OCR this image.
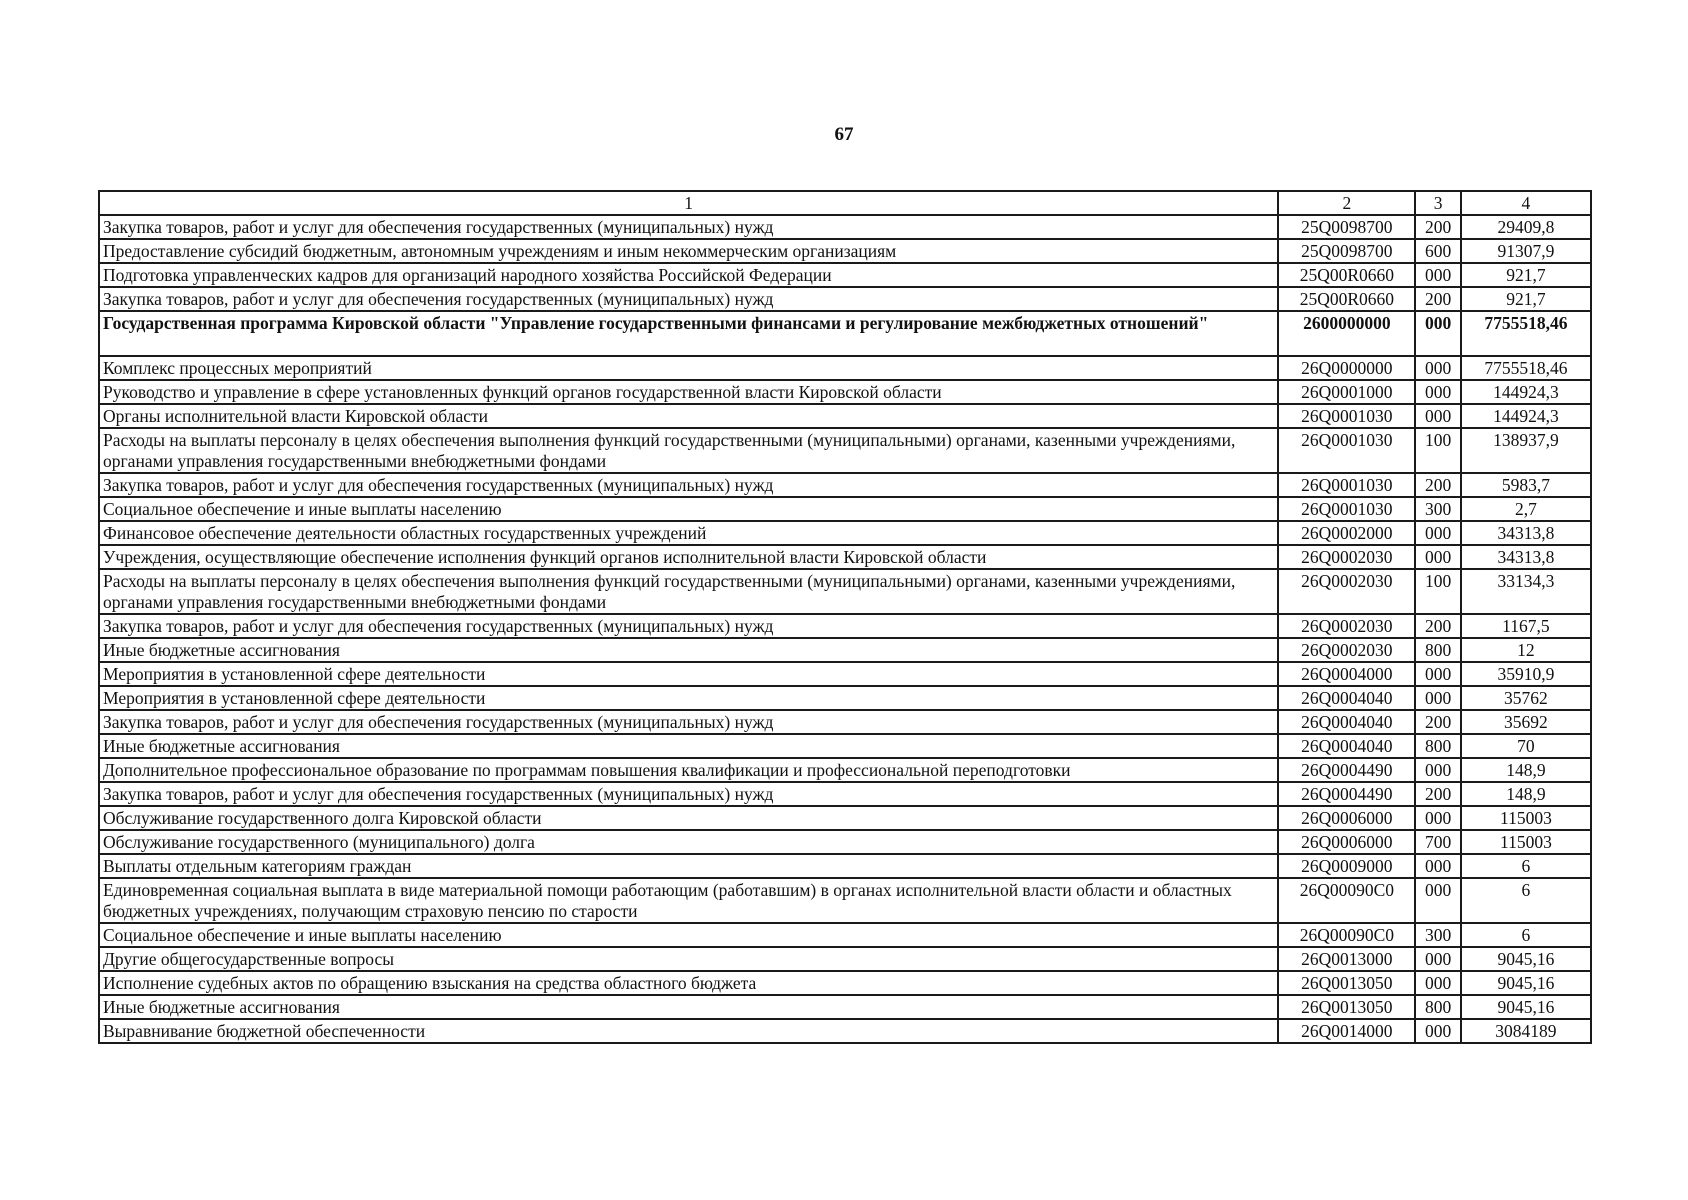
67
1	2	3	4
Закупка товаров, работ и услуг для обеспечения государственных (муниципальных) нужд	25Q0098700	200	29409,8
Предоставление субсидий бюджетным, автономным учреждениям и иным некоммерческим организациям	25Q0098700	600	91307,9
Подготовка управленческих кадров для организаций народного хозяйства Российской Федерации	25Q00R0660	000	921,7
Закупка товаров, работ и услуг для обеспечения государственных (муниципальных) нужд	25Q00R0660	200	921,7
Государственная программа Кировской области "Управление государственными финансами и регулирование межбюджетных отношений"	2600000000	000	7755518,46
Комплекс процессных мероприятий	26Q0000000	000	7755518,46
Руководство и управление в сфере установленных функций органов государственной власти Кировской области	26Q0001000	000	144924,3
Органы исполнительной власти Кировской области	26Q0001030	000	144924,3
Расходы на выплаты персоналу в целях обеспечения выполнения функций государственными (муниципальными) органами, казенными учреждениями, органами управления государственными внебюджетными фондами	26Q0001030	100	138937,9
Закупка товаров, работ и услуг для обеспечения государственных (муниципальных) нужд	26Q0001030	200	5983,7
Социальное обеспечение и иные выплаты населению	26Q0001030	300	2,7
Финансовое обеспечение деятельности областных государственных учреждений	26Q0002000	000	34313,8
Учреждения, осуществляющие обеспечение исполнения функций органов исполнительной власти Кировской области	26Q0002030	000	34313,8
Расходы на выплаты персоналу в целях обеспечения выполнения функций государственными (муниципальными) органами, казенными учреждениями, органами управления государственными внебюджетными фондами	26Q0002030	100	33134,3
Закупка товаров, работ и услуг для обеспечения государственных (муниципальных) нужд	26Q0002030	200	1167,5
Иные бюджетные ассигнования	26Q0002030	800	12
Мероприятия в установленной сфере деятельности	26Q0004000	000	35910,9
Мероприятия в установленной сфере деятельности	26Q0004040	000	35762
Закупка товаров, работ и услуг для обеспечения государственных (муниципальных) нужд	26Q0004040	200	35692
Иные бюджетные ассигнования	26Q0004040	800	70
Дополнительное профессиональное образование по программам повышения квалификации и профессиональной переподготовки	26Q0004490	000	148,9
Закупка товаров, работ и услуг для обеспечения государственных (муниципальных) нужд	26Q0004490	200	148,9
Обслуживание государственного долга Кировской области	26Q0006000	000	115003
Обслуживание государственного (муниципального) долга	26Q0006000	700	115003
Выплаты отдельным категориям граждан	26Q0009000	000	6
Единовременная социальная выплата в виде материальной помощи работающим (работавшим) в органах исполнительной власти области и областных бюджетных учреждениях, получающим страховую пенсию по старости	26Q00090C0	000	6
Социальное обеспечение и иные выплаты населению	26Q00090C0	300	6
Другие общегосударственные вопросы	26Q0013000	000	9045,16
Исполнение судебных актов по обращению взыскания на средства областного бюджета	26Q0013050	000	9045,16
Иные бюджетные ассигнования	26Q0013050	800	9045,16
Выравнивание бюджетной обеспеченности	26Q0014000	000	3084189
